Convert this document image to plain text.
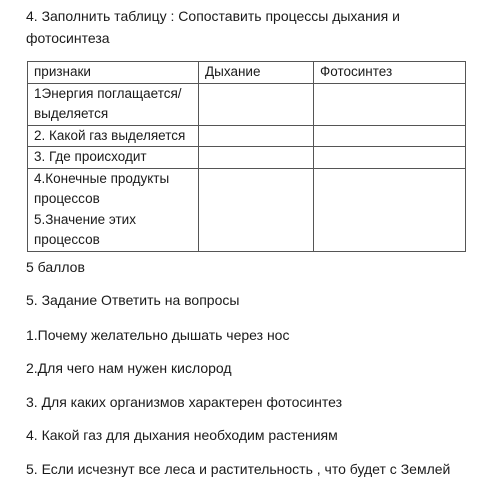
4. Заполнить таблицу : Сопоставить процессы дыхания и фотосинтеза
признаки	Дыхание	Фотосинтез

1Энергия поглащается/
выделяется		

2. Какой газ выделяется		

3. Где происходит		

4.Конечные продукты
процессов
5.Значение этих
процессов		

5 баллов
5. Задание Ответить на вопросы
1.Почему желательно дышать через нос
2.Для чего нам нужен кислород
3. Для каких организмов характерен фотосинтез
4. Какой газ для дыхания необходим растениям
5. Если исчезнут все леса и растительность , что будет с Землей
